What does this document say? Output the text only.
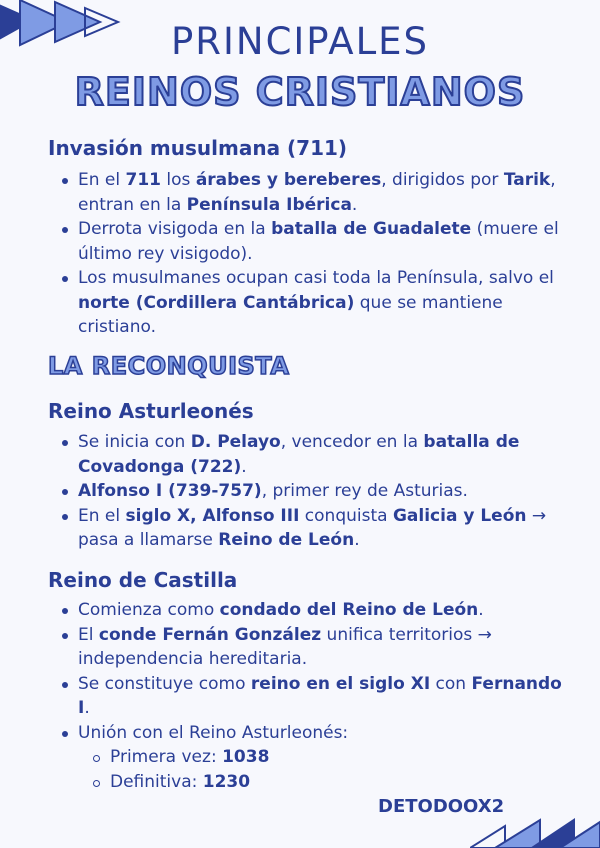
PRINCIPALES
REINOS CRISTIANOS
Invasión musulmana (711)
En el 711 los árabes y bereberes, dirigidos por Tarik, entran en la Península Ibérica.
Derrota visigoda en la batalla de Guadalete (muere el último rey visigodo).
Los musulmanes ocupan casi toda la Península, salvo el norte (Cordillera Cantábrica) que se mantiene cristiano.
LA RECONQUISTA
Reino Asturleonés
Se inicia con D. Pelayo, vencedor en la batalla de Covadonga (722).
Alfonso I (739-757), primer rey de Asturias.
En el siglo X, Alfonso III conquista Galicia y León → pasa a llamarse Reino de León.
Reino de Castilla
Comienza como condado del Reino de León.
El conde Fernán González unifica territorios → independencia hereditaria.
Se constituye como reino en el siglo XI con Fernando I.
Unión con el Reino Asturleonés:
Primera vez: 1038
Definitiva: 1230
DETODOOX2
